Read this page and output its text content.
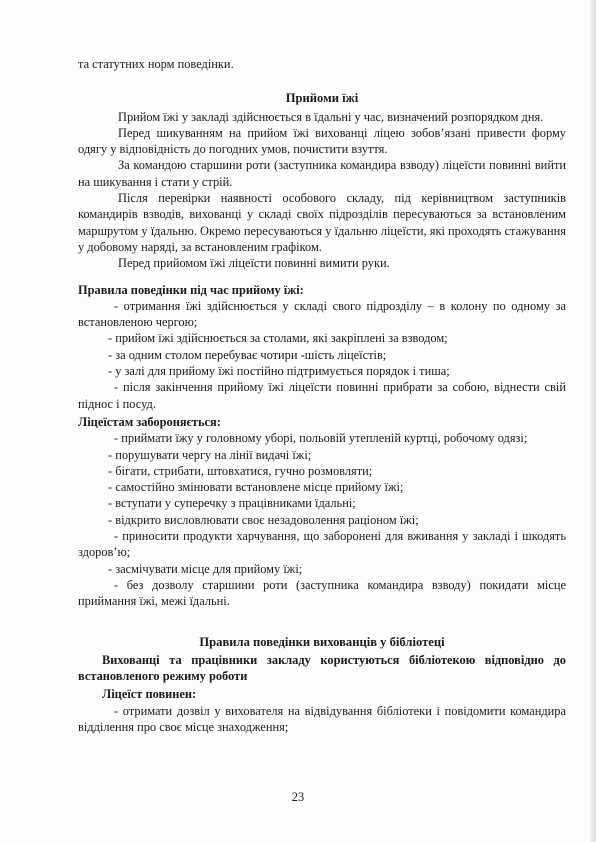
та статутних норм поведінки.

Прийоми їжі

Прийом їжі у закладі здійснюється в їдальні у час, визначений розпорядком дня.

Перед шикуванням на прийом їжі вихованці ліцею зобов’язані привести форму одягу у відповідність до погодних умов, почистити взуття.

За командою старшини роти (заступника командира взводу) ліцеїсти повинні вийти на шикування і стати у стрій.

Після перевірки наявності особового складу, під керівництвом заступників командирів взводів, вихованці у складі своїх підрозділів пересуваються за встановленим маршрутом у їдальню. Окремо пересуваються у їдальню ліцеїсти, які проходять стажування у добовому наряді, за встановленим графіком.

Перед прийомом їжі ліцеїсти повинні вимити руки.

Правила поведінки під час прийому їжі:

- отримання їжі здійснюється у складі свого підрозділу – в колону по одному за встановленою чергою;

- прийом їжі здійснюється за столами, які закріплені за взводом;

- за одним столом перебуває чотири -шість ліцеїстів;

- у залі для прийому їжі постійно підтримується порядок і тиша;

- після закінчення прийому їжі ліцеїсти повинні прибрати за собою, віднести свій піднос і посуд.

Ліцеїстам забороняється:

- приймати їжу у головному уборі, польовій утепленій куртці, робочому одязі;

- порушувати чергу на лінії видачі їжі;

- бігати, стрибати, штовхатися, гучно розмовляти;

- самостійно змінювати встановлене місце прийому їжі;

- вступати у суперечку з працівниками їдальні;

- відкрито висловлювати своє незадоволення раціоном їжі;

- приносити продукти харчування, що заборонені для вживання у закладі і шкодять здоров’ю;

- засмічувати місце для прийому їжі;

- без дозволу старшини роти (заступника командира взводу) покидати місце приймання їжі, межі їдальні.

Правила поведінки вихованців у бібліотеці

Вихованці та працівники закладу користуються бібліотекою відповідно до встановленого режиму роботи

Ліцеїст повинен:

- отримати дозвіл у вихователя на відвідування бібліотеки і повідомити командира відділення про своє місце знаходження;

23
